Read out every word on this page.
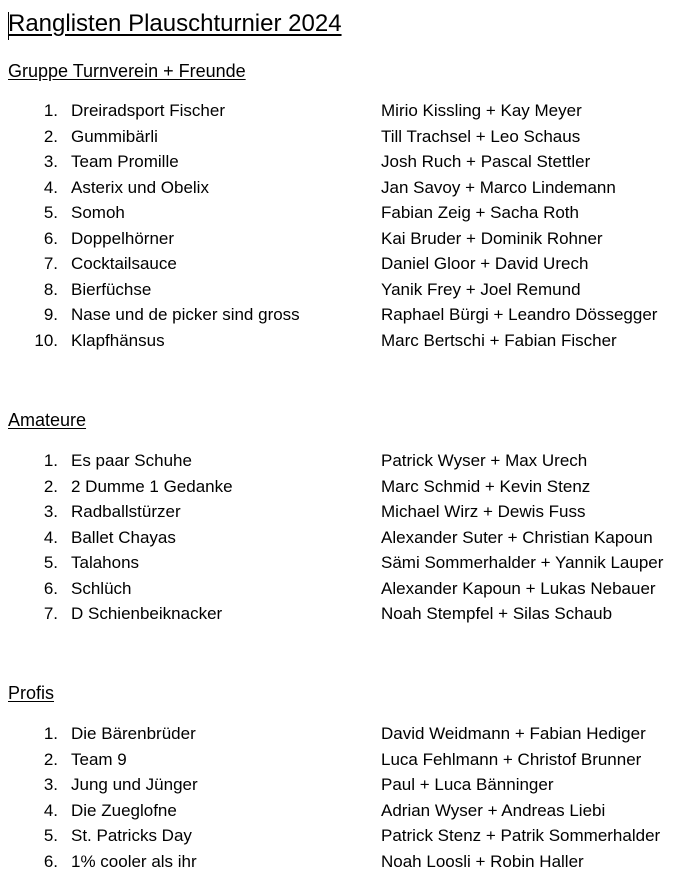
Ranglisten Plauschturnier 2024
Gruppe Turnverein + Freunde
1. Dreiradsport Fischer	Mirio Kissling + Kay Meyer
2. Gummibärli	Till Trachsel + Leo Schaus
3. Team Promille	Josh Ruch + Pascal Stettler
4. Asterix und Obelix	Jan Savoy + Marco Lindemann
5. Somoh	Fabian Zeig + Sacha Roth
6. Doppelhörner	Kai Bruder + Dominik Rohner
7. Cocktailsauce	Daniel Gloor + David Urech
8. Bierfüchse	Yanik Frey + Joel Remund
9. Nase und de picker sind gross	Raphael Bürgi + Leandro Dössegger
10. Klapfhänsus	Marc Bertschi + Fabian Fischer
Amateure
1. Es paar Schuhe	Patrick Wyser + Max Urech
2. 2 Dumme 1 Gedanke	Marc Schmid + Kevin Stenz
3. Radballstürzer	Michael Wirz + Dewis Fuss
4. Ballet Chayas	Alexander Suter + Christian Kapoun
5. Talahons	Sämi Sommerhalder + Yannik Lauper
6. Schlüch	Alexander Kapoun + Lukas Nebauer
7. D Schienbeiknacker	Noah Stempfel + Silas Schaub
Profis
1. Die Bärenbrüder	David Weidmann + Fabian Hediger
2. Team 9	Luca Fehlmann + Christof Brunner
3. Jung und Jünger	Paul + Luca Bänninger
4. Die Zueglofne	Adrian Wyser + Andreas Liebi
5. St. Patricks Day	Patrick Stenz + Patrik Sommerhalder
6. 1% cooler als ihr	Noah Loosli + Robin Haller
